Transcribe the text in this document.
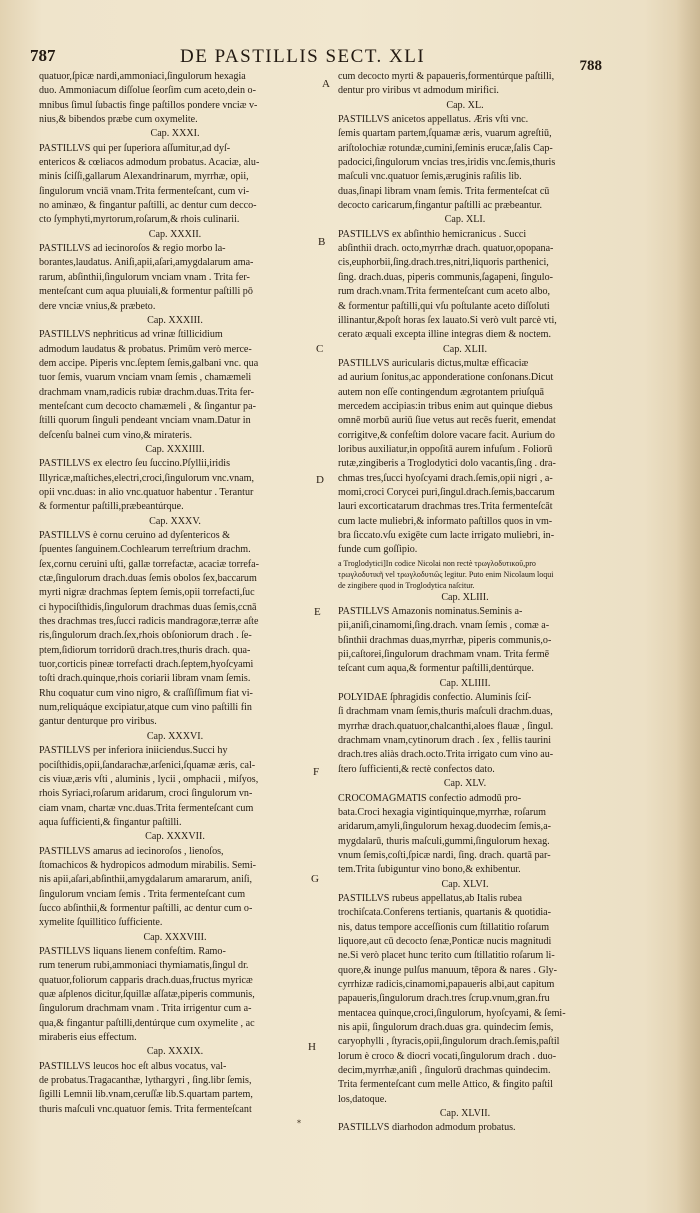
787	DE PASTILLIS SECT. XLI	788
quatuor,ſpicæ nardi,ammoniaci,ſingulorum hexagia
duo. Ammoniacum diſſolue ſeorſim cum aceto,dein o-
mnibus ſimul ſubactis finge paſtillos pondere vnciæ v-
nius,& bibendos præbe cum oxymelite.
Cap. XXXI.
PASTILLVS qui per ſuperiora aſſumitur,ad dyſ-
entericos & cœliacos admodum probatus. Acaciæ, alu-
minis ſciſſi,gallarum Alexandrinarum, myrrhæ, opii,
ſingulorum vnciā vnam.Trita fermenteſcant, cum vi-
no aminæo, & fingantur paſtilli, ac dentur cum decco-
cto ſymphyti,myrtorum,roſarum,& rhois culinarii.
Cap. XXXII.
PASTILLVS ad iecinoroſos & regio morbo la-
borantes,laudatus. Aniſi,apii,aſari,amygdalarum ama-
rarum, abſinthii,ſingulorum vnciam vnam . Trita fer-
menteſcant cum aqua pluuiali,& formentur paſtilli pō
dere vnciæ vnius,& præbeto.
Cap. XXXIII.
PASTILLVS nephriticus ad vrinæ ſtillicidium
admodum laudatus & probatus. Primūm verò merce-
dem accipe. Piperis vnc.ſeptem ſemis,galbani vnc. qua
tuor ſemis, vuarum vnciam vnam ſemis , chamæmeli
drachmam vnam,radicis rubiæ drachm.duas.Trita fer-
menteſcant cum decocto chamæmeli , & ſingantur pa-
ſtilli quorum ſinguli pendeant vnciam vnam.Datur in
deſcenſu balnei cum vino,& mirateris.
Cap. XXXIIII.
PASTILLVS ex electro ſeu ſuccino.Pſyllii,iridis
Illyricæ,maſtiches,electri,croci,ſingulorum vnc.vnam,
opii vnc.duas: in alio vnc.quatuor habentur . Terantur
& formentur paſtilli,præbeantúrque.
Cap. XXXV.
PASTILLVS è cornu ceruino ad dyſentericos &
ſpuentes ſanguinem.Cochlearum terreſtrium drachm.
ſex,cornu ceruini uſti, gallæ torrefactæ, acaciæ torrefa-
ctæ,ſingulorum drach.duas ſemis obolos ſex,baccarum
myrti nigræ drachmas ſeptem ſemis,opii torrefacti,ſuc
ci hypociſthidis,ſingulorum drachmas duas ſemis,ccnā
thes drachmas tres,ſucci radicis mandragoræ,terræ aſte
ris,ſingulorum drach.ſex,rhois obſoniorum drach . ſe-
ptem,ſidiorum torridorū drach.tres,thuris drach. qua-
tuor,corticis pineæ torrefacti drach.ſeptem,hyoſcyami
toſti drach.quinque,rhois coriarii libram vnam ſemis.
Rhu coquatur cum vino nigro, & craſſiſſimum fiat vi-
num,reliquáque excipiatur,atque cum vino paſtilli fin
gantur denturque pro viribus.
Cap. XXXVI.
PASTILLVS per inferiora iniiciendus.Succi hy
pociſthidis,opii,ſandarachæ,arſenici,ſquamæ æris, cal-
cis viuæ,æris vſti , aluminis , lycii , omphacii , miſyos,
rhois Syriaci,roſarum aridarum, croci ſingulorum vn-
ciam vnam, chartæ vnc.duas.Trita fermenteſcant cum
aqua ſufficienti,& fingantur paſtilli.
Cap. XXXVII.
PASTILLVS amarus ad iecinoroſos , lienoſos,
ſtomachicos & hydropicos admodum mirabilis. Semi-
nis apii,aſari,abſinthii,amygdalarum amararum, aniſi,
ſingulorum vnciam ſemis . Trita fermenteſcant cum
ſucco abſinthii,& formentur paſtilli, ac dentur cum o-
xymelite ſquillitico ſufficiente.
Cap. XXXVIII.
PASTILLVS liquans lienem confeſtim. Ramo-
rum tenerum rubi,ammoniaci thymiamatis,ſingul dr.
quatuor,foliorum capparis drach.duas,fructus myricæ
quæ aſplenos dicitur,ſquillæ aſſatæ,piperis communis,
ſingulorum drachmam vnam . Trita irrigentur cum a-
qua,& fingantur paſtilli,dentúrque cum oxymelite , ac
miraberis eius effectum.
Cap. XXXIX.
PASTILLVS leucos hoc eſt albus vocatus, val-
de probatus.Tragacanthæ, lythargyri , ſing.libr ſemis,
ſigilli Lemnii lib.vnam,ceruſſæ lib.S.quartam partem,
thuris maſculi vnc.quatuor ſemis. Trita fermenteſcant
cum decocto myrti & papaueris,formentúrque paſtilli,
dentur pro viribus vt admodum mirifici.
Cap. XL.
PASTILLVS anicetos appellatus. Æris vſti vnc.
ſemis quartam partem,ſquamæ æris, vuarum agreſtiū,
ariſtolochiæ rotundæ,cumini,ſeminis erucæ,ſalis Cap-
padocici,ſingulorum vncias tres,iridis vnc.ſemis,thuris
maſculi vnc.quatuor ſemis,æruginis raſilis lib.
duas,ſinapi libram vnam ſemis. Trita fermenteſcat cū
decocto caricarum,fingantur paſtilli ac præbeantur.
Cap. XLI.
PASTILLVS ex abſinthio hemicranicus . Succi
abſinthii drach. octo,myrrhæ drach. quatuor,opopana-
cis,euphorbii,ſing.drach.tres,nitri,liquoris parthenici,
ſing. drach.duas, piperis communis,ſagapeni, ſingulo-
rum drach.vnam.Trita fermenteſcant cum aceto albo,
& formentur paſtilli,qui vſu poſtulante aceto diſſoluti
illinantur,&poſt horas ſex lauato.Si verò vult parcè vti,
cerato æquali excepta illine integras diem & noctem.
Cap. XLII.
PASTILLVS auricularis dictus,multæ efficaciæ
ad aurium ſonitus,ac apponderatione conſonans.Dicut
autem non eſſe contingendum ægrotantem priuſquā
mercedem accipias:in tribus enim aut quinque diebus
omnē morbū auriū ſiue vetus aut recēs fuerit, emendat
corrigitve,& confeſtim dolore vacare facit. Aurium do
loribus auxiliatur,in oppoſitā aurem infuſum . Foliorū
rutæ,zingiberis a Troglodytici dolo vacantis,ſing . dra-
chmas tres,ſucci hyoſcyami drach.ſemis,opii nigri , a-
momi,croci Corycei puri,ſingul.drach.ſemis,baccarum
lauri excorticatarum drachmas tres.Trita fermenteſcāt
cum lacte muliebri,& informato paſtillos quos in vm-
bra ſiccato.vſu exigēte cum lacte irrigato muliebri, in-
funde cum goſſipio.
a Troglodytici]In codice Nicolai non rectè τρωγλοδυτικοῦ,pro
τρωγλοδυτικῆ vel τρωγλοδυτιῶς legitur. Puto enim Nicolaum loqui
de zingibere quod in Troglodytica naſcitur.
Cap. XLIII.
PASTILLVS Amazonis nominatus.Seminis a-
pii,aniſi,cinamomi,ſing.drach. vnam ſemis , comæ a-
bſinthii drachmas duas,myrrhæ, piperis communis,o-
pii,caſtorei,ſingulorum drachmam vnam. Trita fermē
teſcant cum aqua,& formentur paſtilli,dentúrque.
Cap. XLIIII.
POLYIDAE ſphragidis confectio. Aluminis ſciſ-
ſi drachmam vnam ſemis,thuris maſculi drachm.duas,
myrrhæ drach.quatuor,chalcanthi,aloes flauæ , ſingul.
drachmam vnam,cytinorum drach . ſex , fellis taurini
drach.tres aliàs drach.octo.Trita irrigato cum vino au-
ſtero ſufficienti,& rectè confectos dato.
Cap. XLV.
CROCOMAGMATIS confectio admodū pro-
bata.Croci hexagia vigintiquinque,myrrhæ, roſarum
aridarum,amyli,ſingulorum hexag.duodecim ſemis,a-
mygdalarū, thuris maſculi,gummi,ſingulorum hexag.
vnum ſemis,coſti,ſpicæ nardi, ſing. drach. quartā par-
tem.Trita ſubiguntur vino bono,& exhibentur.
Cap. XLVI.
PASTILLVS rubeus appellatus,ab Italis rubea
trochiſcata.Conferens tertianis, quartanis & quotidia-
nis, datus tempore acceſſionis cum ſtillatitio roſarum
liquore,aut cū decocto ſenæ,Ponticæ nucis magnitudi
ne.Si verò placet hunc terito cum ſtillatitio roſarum li-
quore,& inunge pulſus manuum, tēpora & nares . Gly-
cyrrhizæ radicis,cinamomi,papaueris albi,aut capitum
papaueris,ſingulorum drach.tres ſcrup.vnum,gran.fru
mentacea quinque,croci,ſingulorum, hyoſcyami, & ſemi-
nis apii, ſingulorum drach.duas gra. quindecim ſemis,
caryophylli , ſtyracis,opii,ſingulorum drach.ſemis,paſtil
lorum è croco & diocri vocati,ſingulorum drach . duo-
decim,myrrhæ,aniſi , ſingulorū drachmas quindecim.
Trita fermenteſcant cum melle Attico, & fingito paſtil
los,datoque.
Cap. XLVII.
PASTILLVS diarhodon admodum probatus.
A
B
C
D
E
F
G
H
*
